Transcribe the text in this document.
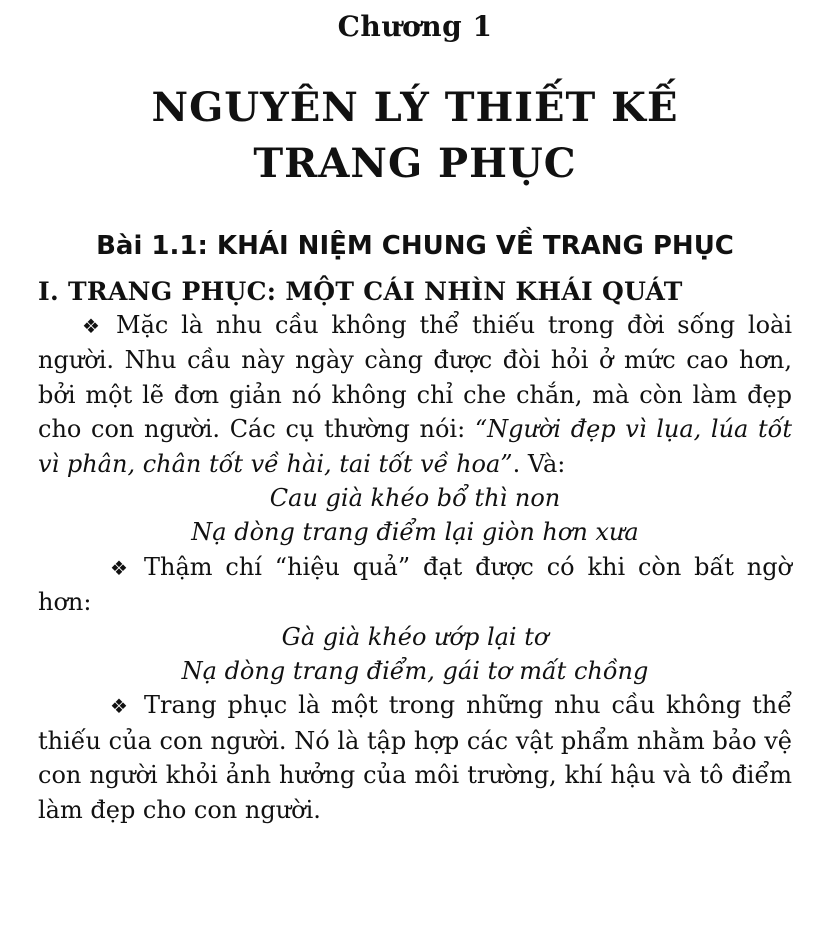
Chương 1
NGUYÊN LÝ THIẾT KẾ TRANG PHỤC
Bài 1.1: KHÁI NIỆM CHUNG VỀ TRANG PHỤC
I. TRANG PHỤC: MỘT CÁI NHÌN KHÁI QUÁT

❖ Mặc là nhu cầu không thể thiếu trong đời sống loài người. Nhu cầu này ngày càng được đòi hỏi ở mức cao hơn, bởi một lẽ đơn giản nó không chỉ che chắn, mà còn làm đẹp cho con người. Các cụ thường nói: “Người đẹp vì lụa, lúa tốt vì phân, chân tốt về hài, tai tốt về hoa”. Và:

Cau già khéo bổ thì non

Nạ dòng trang điểm lại giòn hơn xưa

❖ Thậm chí “hiệu quả” đạt được có khi còn bất ngờ hơn:

Gà già khéo ướp lại tơ

Nạ dòng trang điểm, gái tơ mất chồng

❖ Trang phục là một trong những nhu cầu không thể thiếu của con người. Nó là tập hợp các vật phẩm nhằm bảo vệ con người khỏi ảnh hưởng của môi trường, khí hậu và tô điểm làm đẹp cho con người.
